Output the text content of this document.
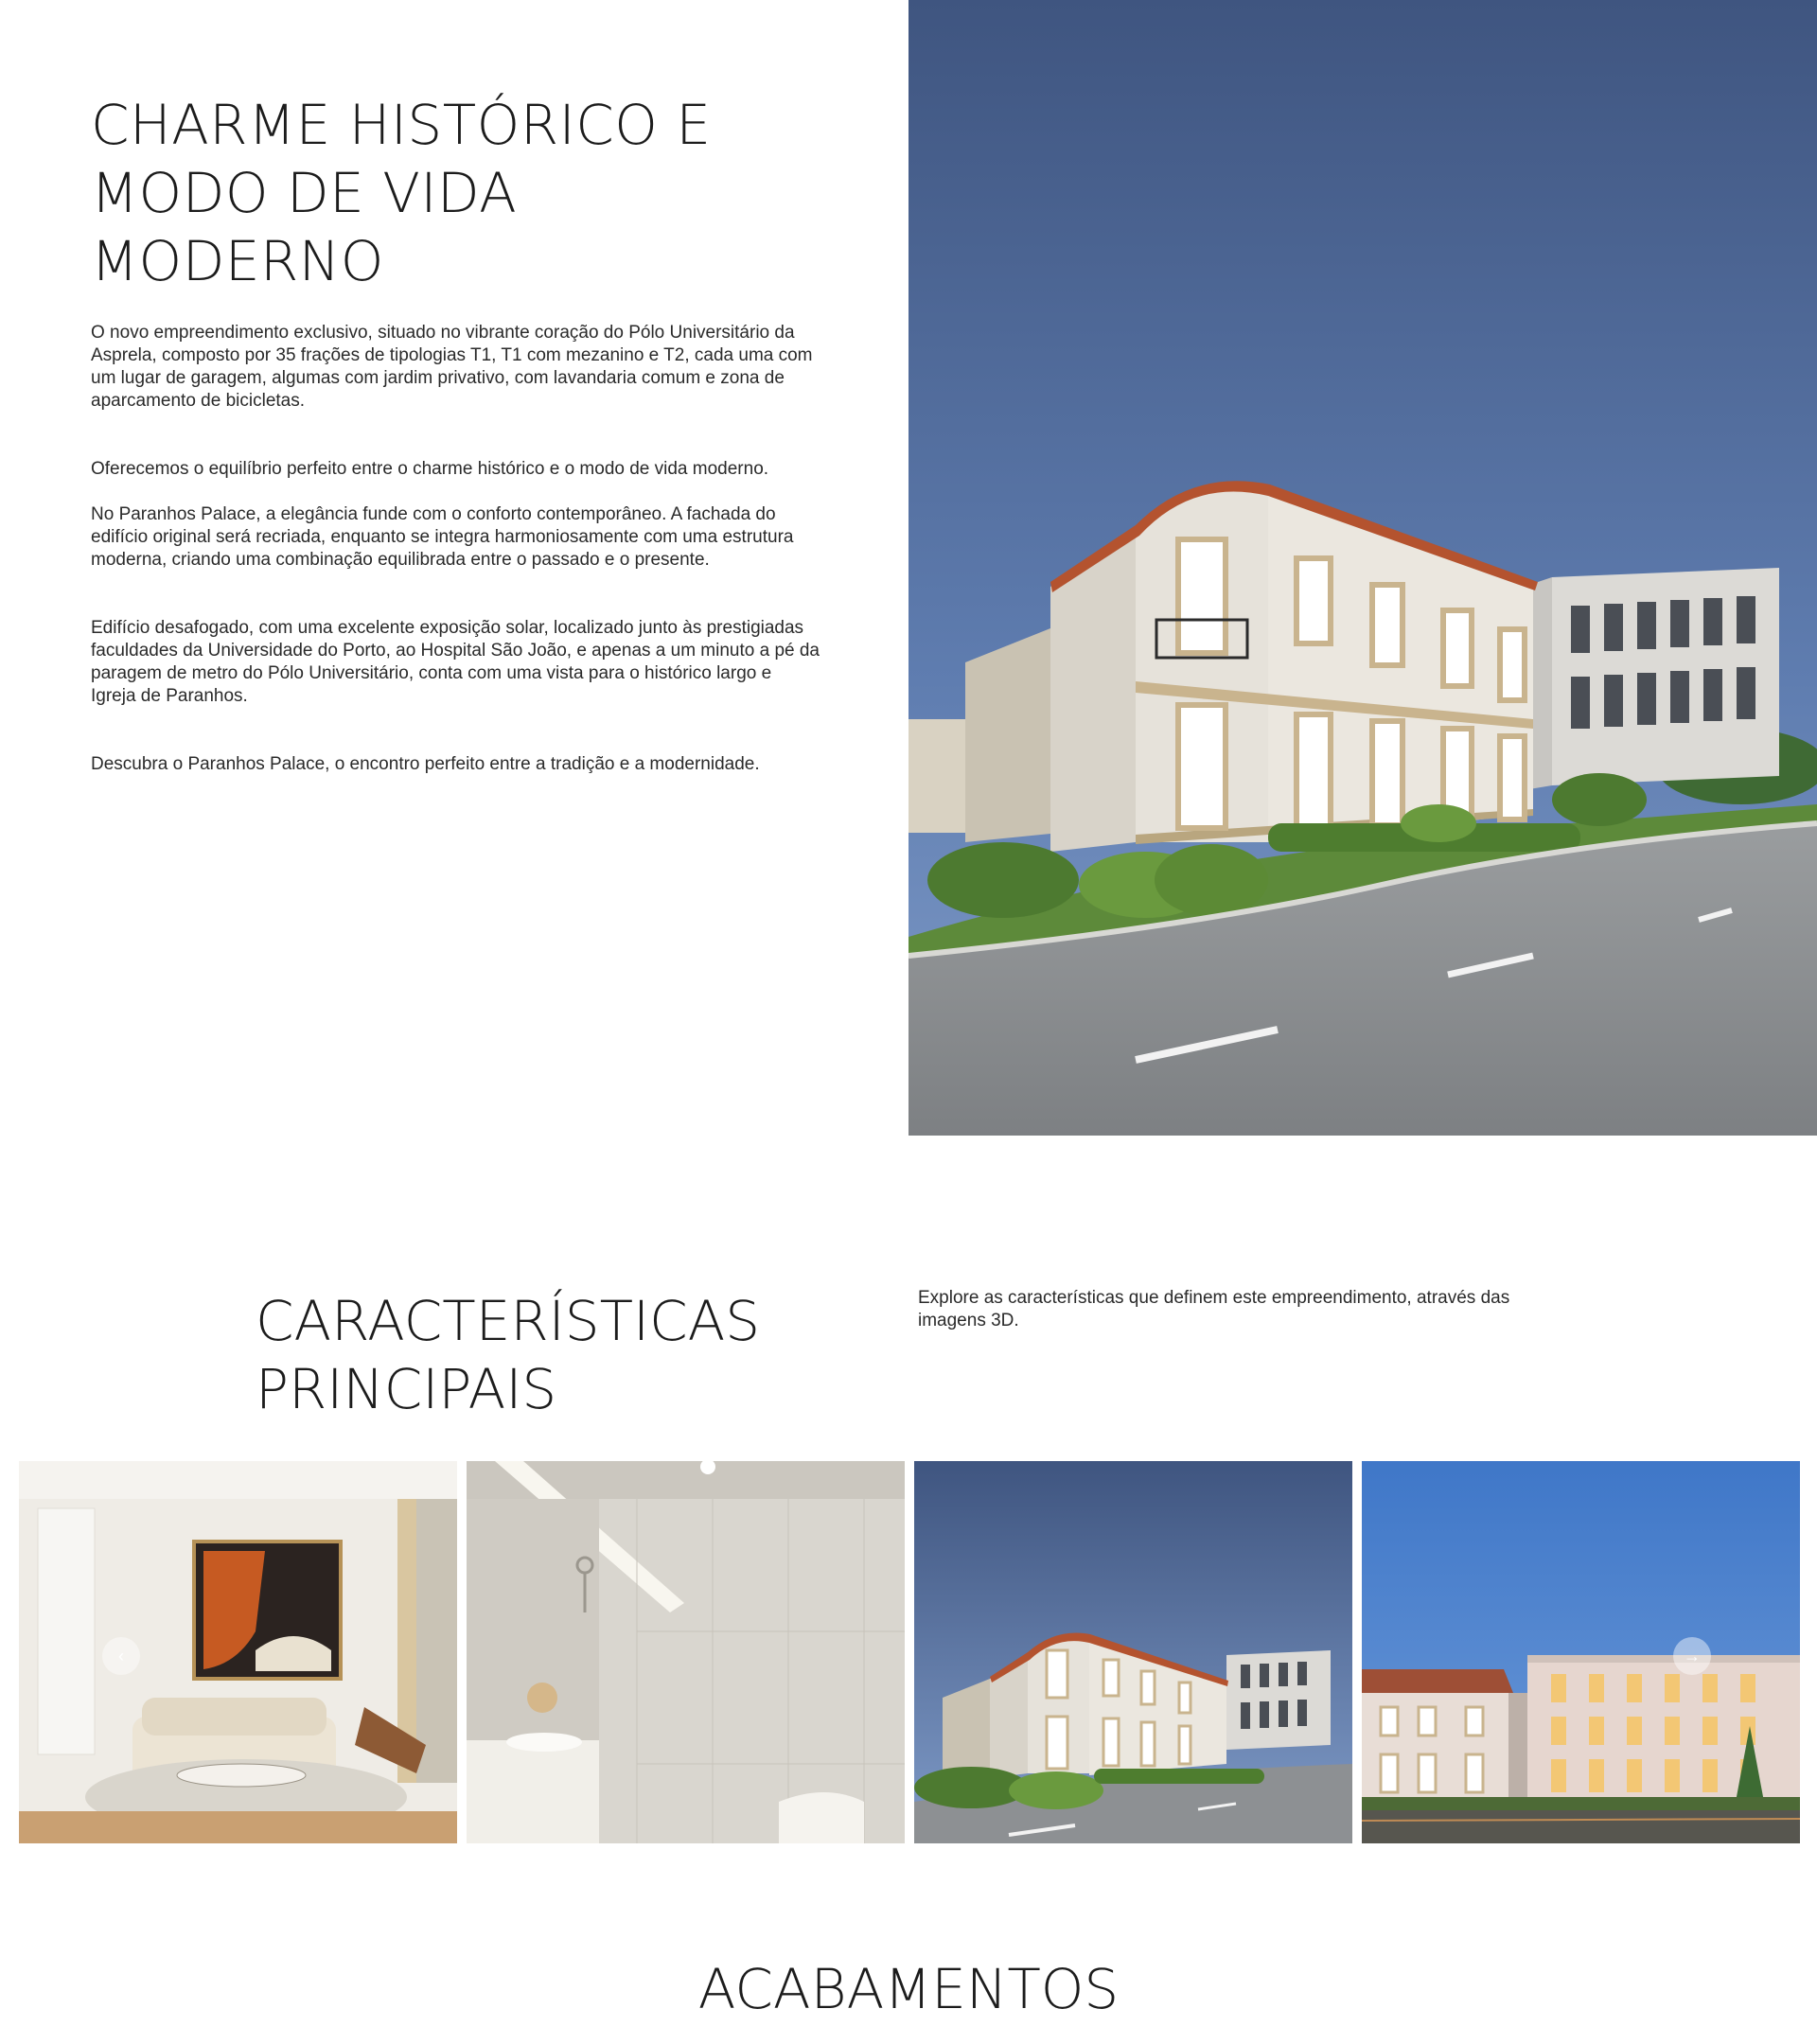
CHARME HISTÓRICO E
MODO DE VIDA MODERNO

O novo empreendimento exclusivo, situado no vibrante coração do Pólo Universitário da Asprela, composto por 35 frações de tipologias T1, T1 com mezanino e T2, cada uma com um lugar de garagem, algumas com jardim privativo, com lavandaria comum e zona de aparcamento de bicicletas.

Oferecemos o equilíbrio perfeito entre o charme histórico e o modo de vida moderno.

No Paranhos Palace, a elegância funde com o conforto contemporâneo. A fachada do edifício original será recriada, enquanto se integra harmoniosamente com uma estrutura moderna, criando uma combinação equilibrada entre o passado e o presente.

Edifício desafogado, com uma excelente exposição solar, localizado junto às prestigiadas faculdades da Universidade do Porto, ao Hospital São João, e apenas a um minuto a pé da paragem de metro do Pólo Universitário, conta com uma vista para o histórico largo e Igreja de Paranhos.

Descubra o Paranhos Palace, o encontro perfeito entre a tradição e a modernidade.

CARACTERÍSTICAS
PRINCIPAIS

Explore as características que definem este empreendimento, através das imagens 3D.

‹	→
ACABAMENTOS
